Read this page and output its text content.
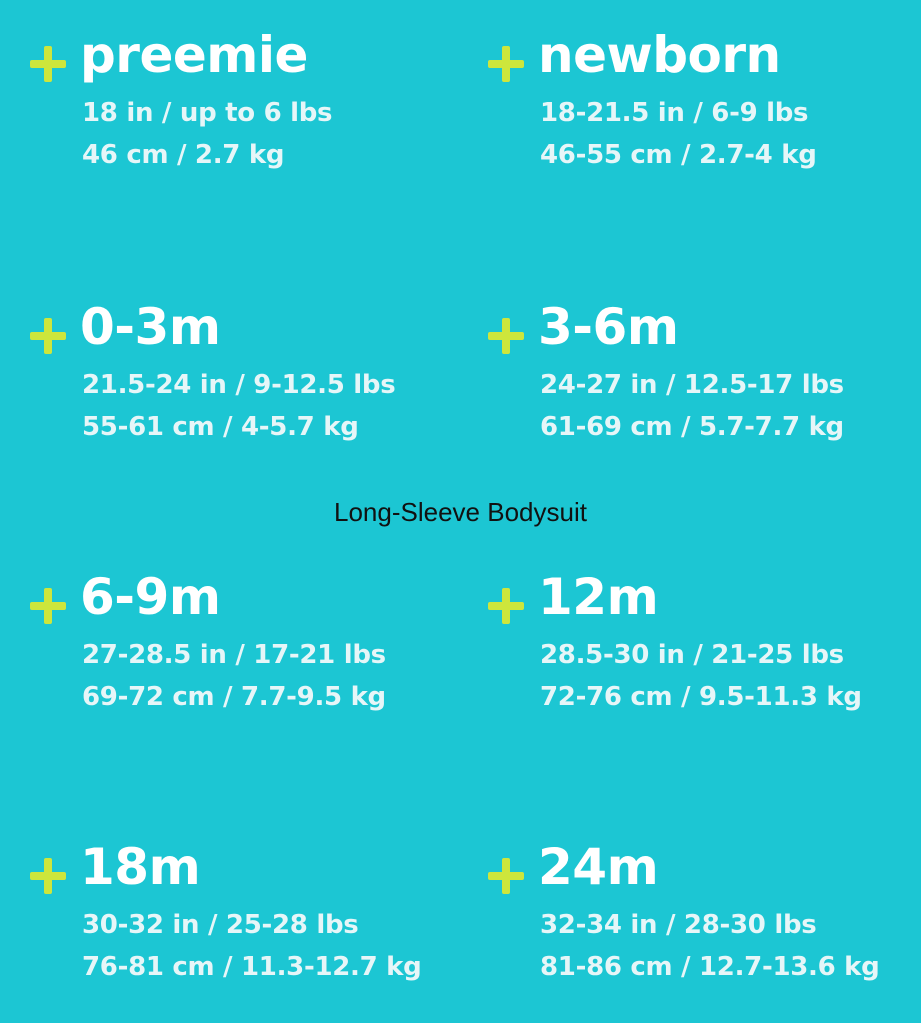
preemie
18 in / up to 6 lbs
46 cm / 2.7 kg
newborn
18-21.5 in / 6-9 lbs
46-55 cm / 2.7-4 kg
0-3m
21.5-24 in / 9-12.5 lbs
55-61 cm / 4-5.7 kg
3-6m
24-27 in / 12.5-17 lbs
61-69 cm / 5.7-7.7 kg
Long-Sleeve Bodysuit
6-9m
27-28.5 in / 17-21 lbs
69-72 cm / 7.7-9.5 kg
12m
28.5-30 in / 21-25 lbs
72-76 cm / 9.5-11.3 kg
18m
30-32 in / 25-28 lbs
76-81 cm / 11.3-12.7 kg
24m
32-34 in / 28-30 lbs
81-86 cm / 12.7-13.6 kg
